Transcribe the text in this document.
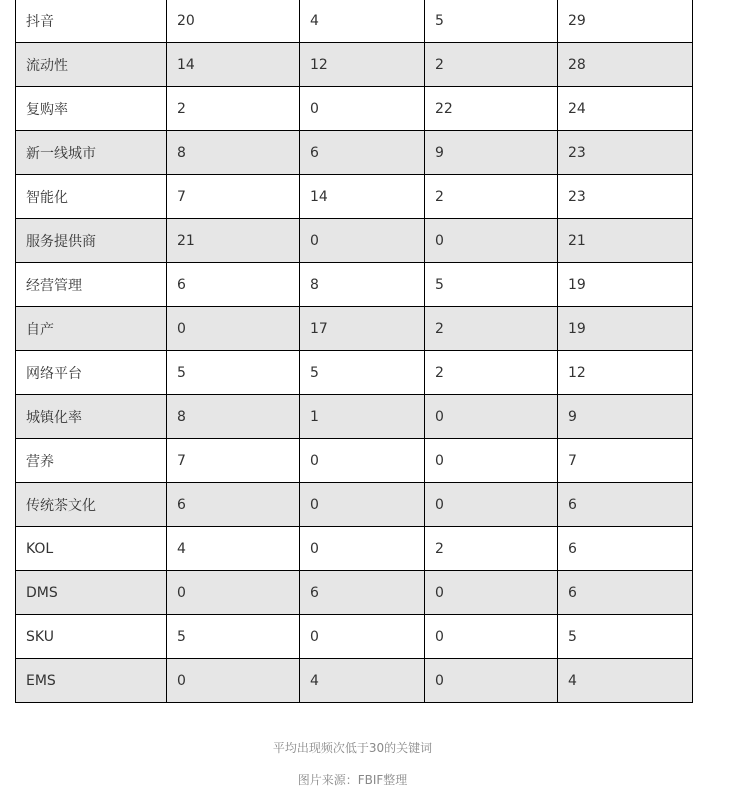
抖音	20	4	5	29
流动性	14	12	2	28
复购率	2	0	22	24
新一线城市	8	6	9	23
智能化	7	14	2	23
服务提供商	21	0	0	21
经营管理	6	8	5	19
自产	0	17	2	19
网络平台	5	5	2	12
城镇化率	8	1	0	9
营养	7	0	0	7
传统茶文化	6	0	0	6
KOL	4	0	2	6
DMS	0	6	0	6
SKU	5	0	0	5
EMS	0	4	0	4
平均出现频次低于30的关键词
图片来源：FBIF整理
